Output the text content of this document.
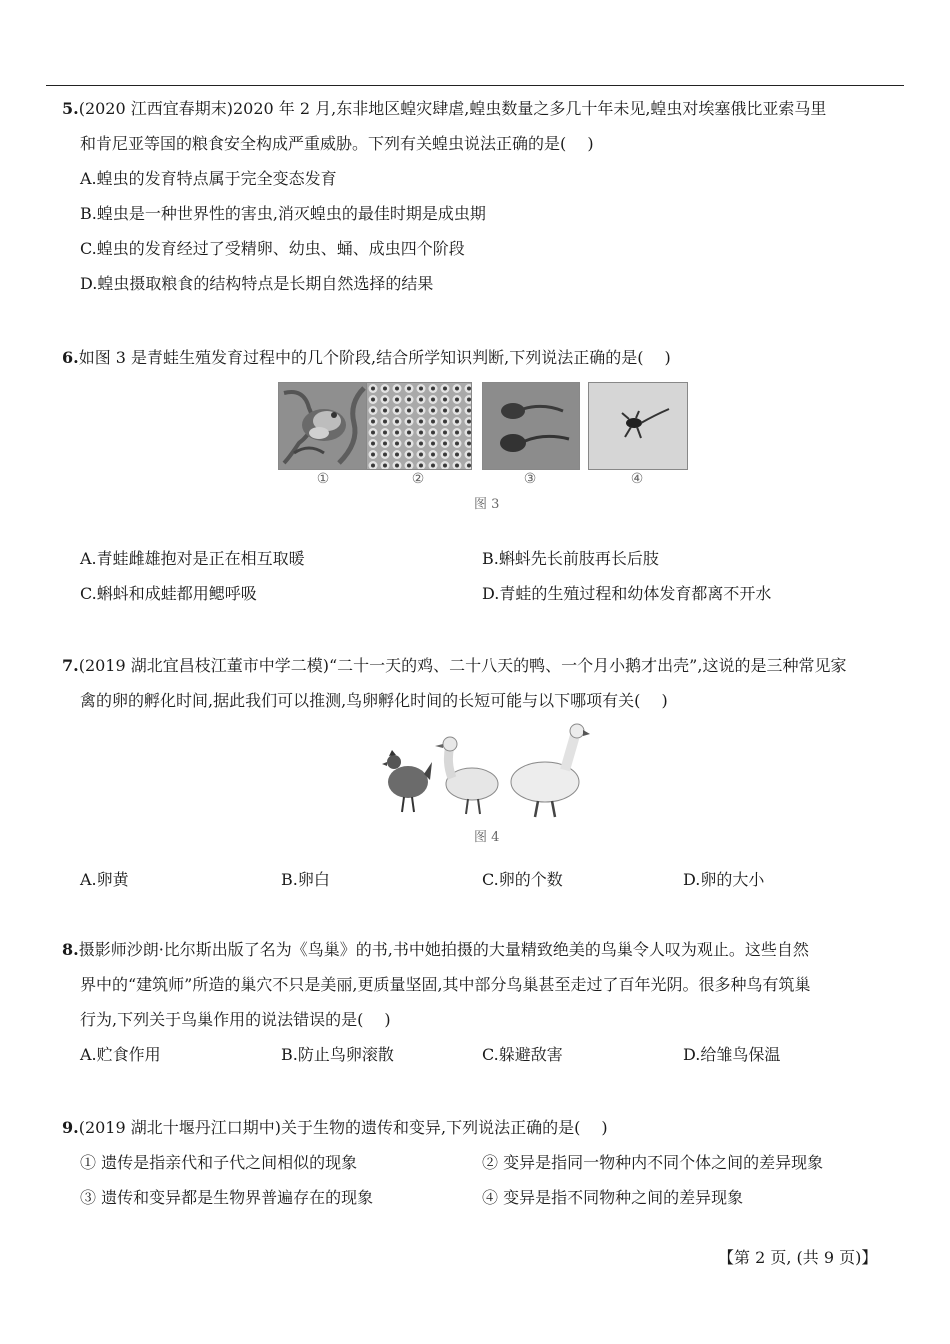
5.(2020 江西宜春期末)2020 年 2 月,东非地区蝗灾肆虐,蝗虫数量之多几十年未见,蝗虫对埃塞俄比亚索马里
和肯尼亚等国的粮食安全构成严重威胁。下列有关蝗虫说法正确的是(　 )
A.蝗虫的发育特点属于完全变态发育
B.蝗虫是一种世界性的害虫,消灭蝗虫的最佳时期是成虫期
C.蝗虫的发育经过了受精卵、幼虫、蛹、成虫四个阶段
D.蝗虫摄取粮食的结构特点是长期自然选择的结果
6.如图 3 是青蛙生殖发育过程中的几个阶段,结合所学知识判断,下列说法正确的是(　 )
①	②	③	④
图 3
A.青蛙雌雄抱对是正在相互取暖	B.蝌蚪先长前肢再长后肢
C.蝌蚪和成蛙都用鳃呼吸	D.青蛙的生殖过程和幼体发育都离不开水
7.(2019 湖北宜昌枝江董市中学二模)“二十一天的鸡、二十八天的鸭、一个月小鹅才出壳”,这说的是三种常见家
禽的卵的孵化时间,据此我们可以推测,鸟卵孵化时间的长短可能与以下哪项有关(　 )
图 4
A.卵黄	B.卵白	C.卵的个数	D.卵的大小
8.摄影师沙朗·比尔斯出版了名为《鸟巢》的书,书中她拍摄的大量精致绝美的鸟巢令人叹为观止。这些自然
界中的“建筑师”所造的巢穴不只是美丽,更质量坚固,其中部分鸟巢甚至走过了百年光阴。很多种鸟有筑巢
行为,下列关于鸟巢作用的说法错误的是(　 )
A.贮食作用	B.防止鸟卵滚散	C.躲避敌害	D.给雏鸟保温
9.(2019 湖北十堰丹江口期中)关于生物的遗传和变异,下列说法正确的是(　 )
① 遗传是指亲代和子代之间相似的现象	② 变异是指同一物种内不同个体之间的差异现象
③ 遗传和变异都是生物界普遍存在的现象	④ 变异是指不同物种之间的差异现象
【第 2 页, (共 9 页)】
